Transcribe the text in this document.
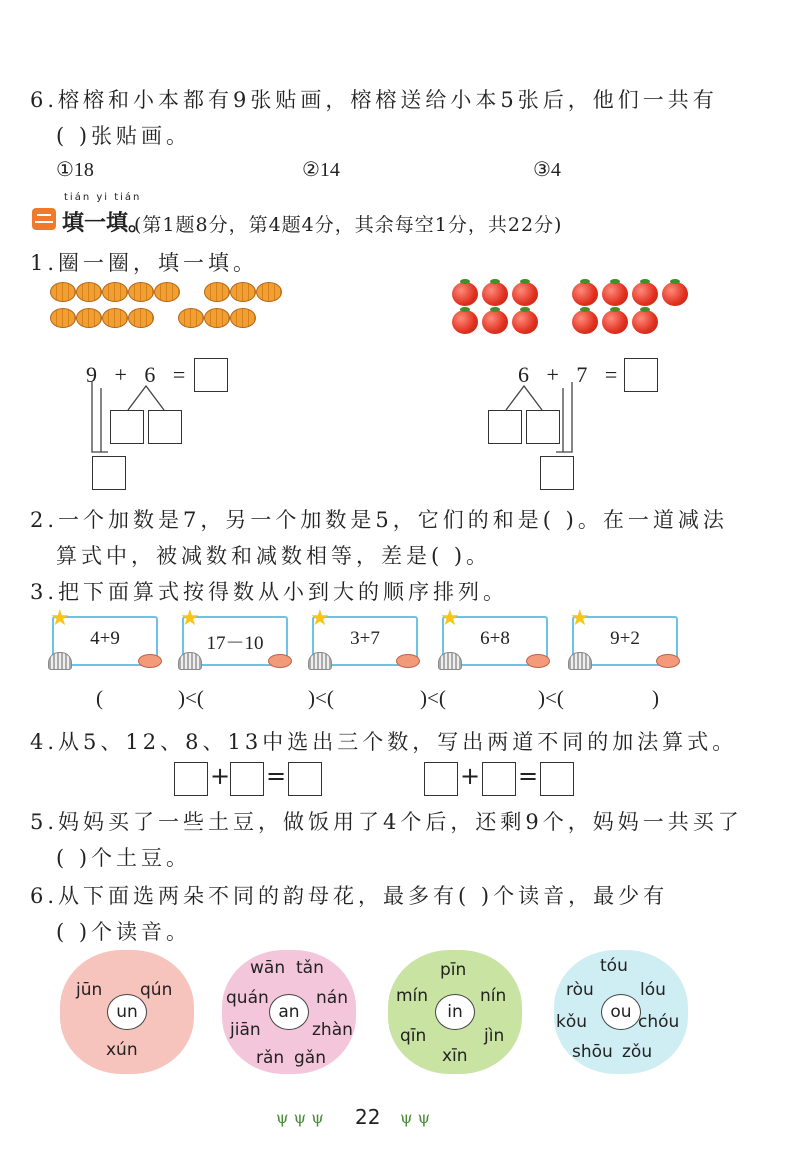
6.榕榕和小本都有9张贴画，榕榕送给小本5张后，他们一共有
( )张贴画。
①18	②14	③4
tián yi tián
填一填。
(第1题8分，第4题4分，其余每空1分，共22分)
1.圈一圈，填一填。
9 + 6 =	6 + 7 =
2.一个加数是7，另一个加数是5，它们的和是( )。在一道减法
算式中，被减数和减数相等，差是( )。
3.把下面算式按得数从小到大的顺序排列。
4+9	17－10	3+7	6+8	9+2
★	★	★	★	★
(	)<(	)<(	)<(	)<(	)
4.从5、12、8、13中选出三个数，写出两道不同的加法算式。
+ =	+ =
5.妈妈买了一些土豆，做饭用了4个后，还剩9个，妈妈一共买了
( )个土豆。
6.从下面选两朵不同的韵母花，最多有( )个读音，最少有
( )个读音。
jūn qún
xún
un
wān tǎn
quán	nán
jiān	zhàn
rǎn gǎn
an
pīn
mín	nín
qīn	jìn
xīn
in
tóu
ròu	lóu
kǒu	chóu
shōu zǒu
ou
ψ ψ ψ 22 ψ ψ
